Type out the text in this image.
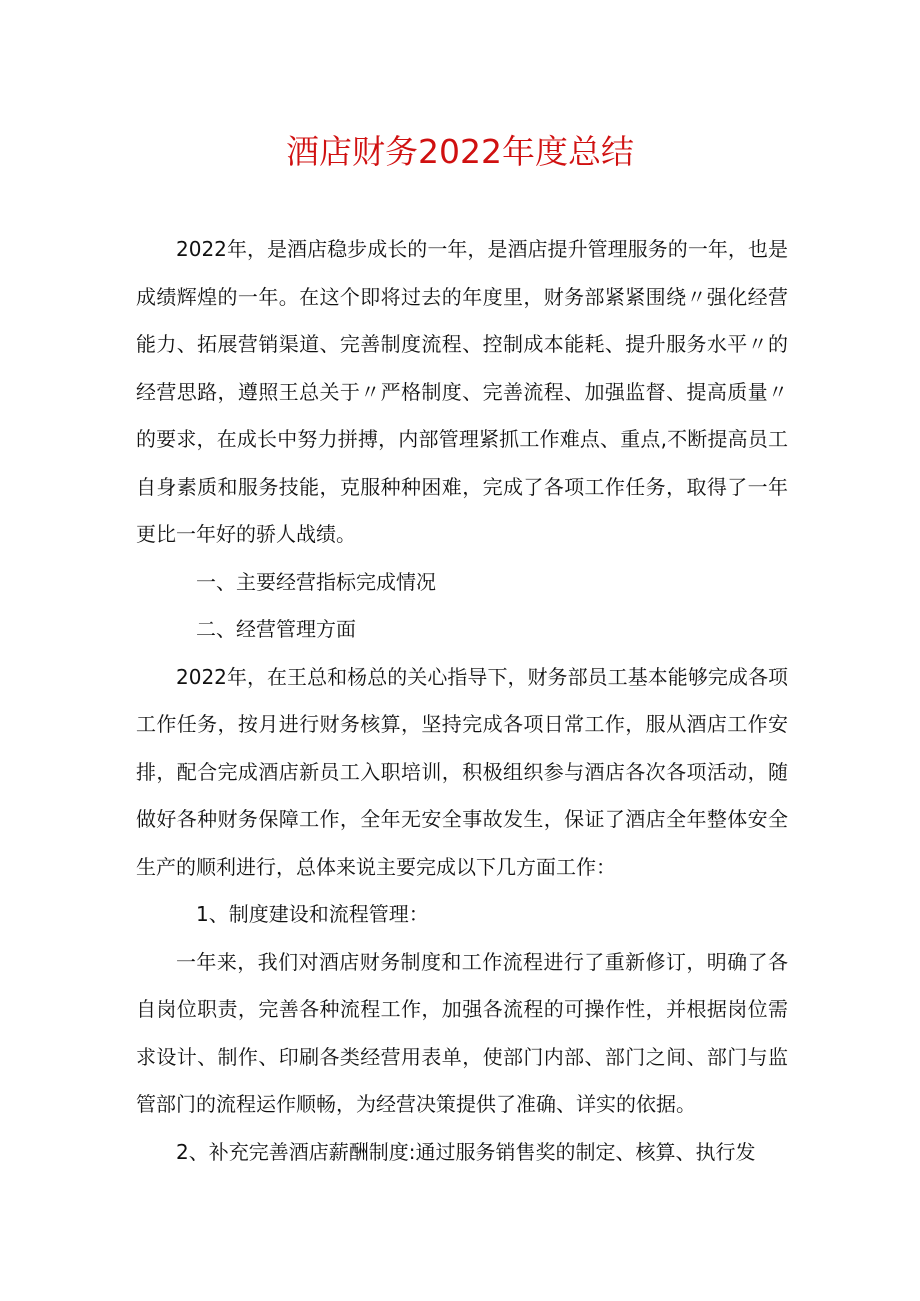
酒店财务2022年度总结

2022年，是酒店稳步成长的一年，是酒店提升管理服务的一年，也是成绩辉煌的一年。在这个即将过去的年度里，财务部紧紧围绕〃强化经营能力、拓展营销渠道、完善制度流程、控制成本能耗、提升服务水平〃的经营思路，遵照王总关于〃严格制度、完善流程、加强监督、提高质量〃的要求，在成长中努力拼搏，内部管理紧抓工作难点、重点,不断提高员工自身素质和服务技能，克服种种困难，完成了各项工作任务，取得了一年更比一年好的骄人战绩。

一、主要经营指标完成情况

二、经营管理方面

2022年，在王总和杨总的关心指导下，财务部员工基本能够完成各项工作任务，按月进行财务核算，坚持完成各项日常工作，服从酒店工作安排，配合完成酒店新员工入职培训，积极组织参与酒店各次各项活动，随做好各种财务保障工作，全年无安全事故发生，保证了酒店全年整体安全生产的顺利进行，总体来说主要完成以下几方面工作：

1、制度建设和流程管理：

一年来，我们对酒店财务制度和工作流程进行了重新修订，明确了各自岗位职责，完善各种流程工作，加强各流程的可操作性，并根据岗位需求设计、制作、印刷各类经营用表单，使部门内部、部门之间、部门与监管部门的流程运作顺畅，为经营决策提供了准确、详实的依据。

2、补充完善酒店薪酬制度:通过服务销售奖的制定、核算、执行发
